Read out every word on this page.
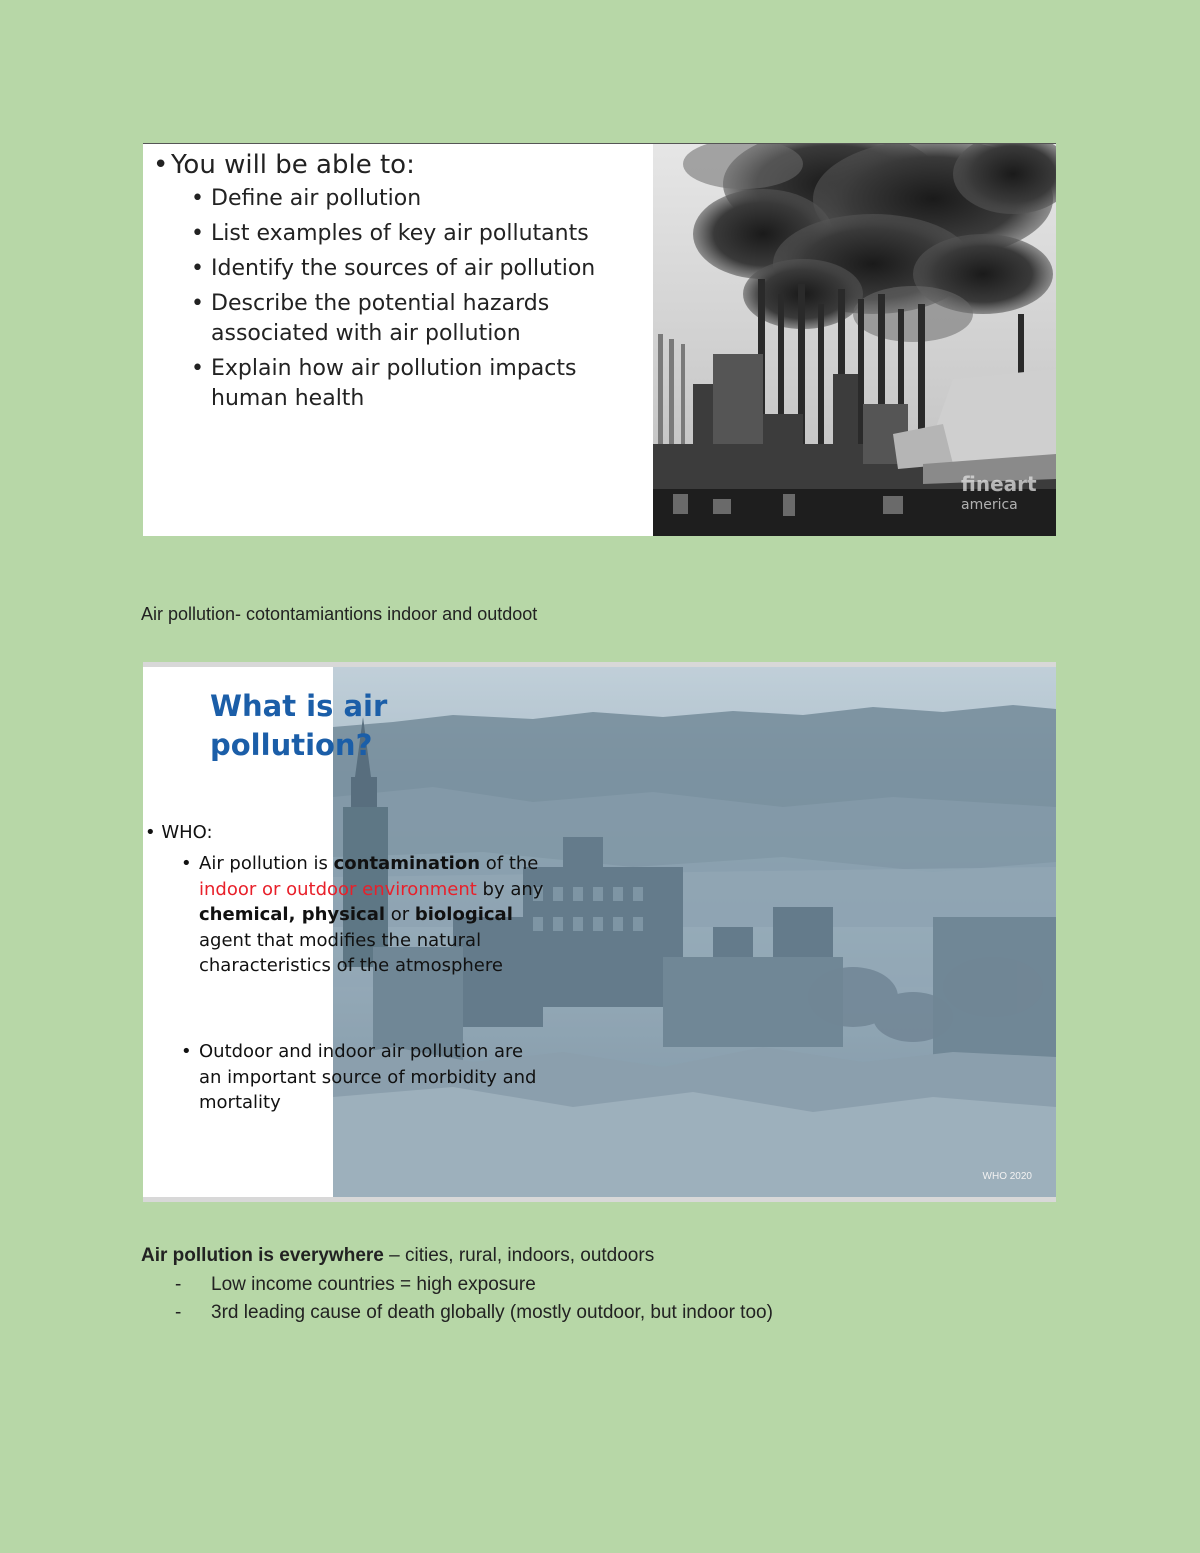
• You will be able to:

• Define air pollution
• List examples of key air pollutants
• Identify the sources of air pollution
• Describe the potential hazards associated with air pollution
• Explain how air pollution impacts human health
fineart
america
Air pollution- cotontamiantions indoor and outdoot
What is air
pollution?
• WHO:
• Air pollution is contamination of the indoor or outdoor environment by any chemical, physical or biological agent that modifies the natural characteristics of the atmosphere
• Outdoor and indoor air pollution are an important source of morbidity and mortality
WHO 2020
Air pollution is everywhere – cities, rural, indoors, outdoors
- Low income countries = high exposure
- 3rd leading cause of death globally (mostly outdoor, but indoor too)
